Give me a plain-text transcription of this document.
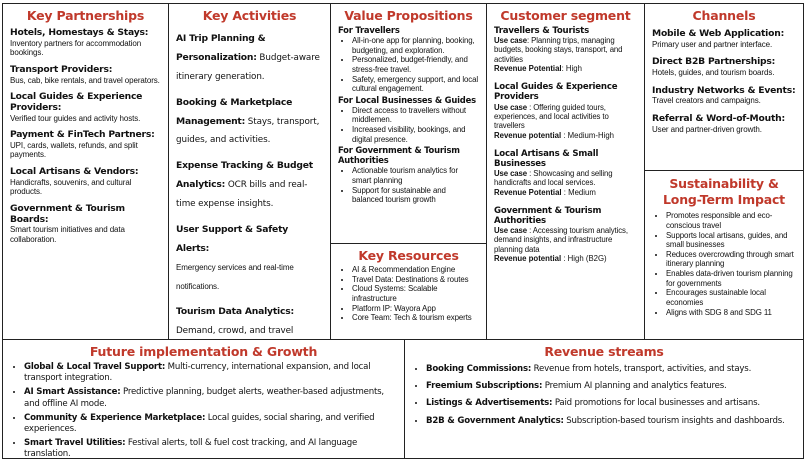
Key Partnerships
Hotels, Homestays & Stays:
Inventory partners for accommodation bookings.
Transport Providers:
Bus, cab, bike rentals, and travel operators.
Local Guides & Experience Providers:
Verified tour guides and activity hosts.
Payment & FinTech Partners:
UPI, cards, wallets, refunds, and split payments.
Local Artisans & Vendors:
Handicrafts, souvenirs, and cultural products.
Government & Tourism Boards:
Smart tourism initiatives and data collaboration.
Key Activities
AI Trip Planning & Personalization: Budget-aware itinerary generation.
Booking & Marketplace Management: Stays, transport, guides, and activities.
Expense Tracking & Budget Analytics: OCR bills and real-time expense insights.
User Support & Safety Alerts:
Emergency services and real-time notifications.
Tourism Data Analytics: Demand, crowd, and travel
Value Propositions
For Travellers
• All-in-one app for planning, booking, budgeting, and exploration.
• Personalized, budget-friendly, and stress-free travel.
• Safety, emergency support, and local cultural engagement.
For Local Businesses & Guides
• Direct access to travellers without middlemen.
• Increased visibility, bookings, and digital presence.
For Government & Tourism Authorities
• Actionable tourism analytics for smart planning
• Support for sustainable and balanced tourism growth
Key Resources
• AI & Recommendation Engine
• Travel Data: Destinations & routes
• Cloud Systems: Scalable infrastructure
• Platform IP: Wayora App
• Core Team: Tech & tourism experts
Customer segment
Travellers & Tourists
Use case: Planning trips, managing budgets, booking stays, transport, and activities
Revenue Potential: High
Local Guides & Experience Providers
Use case : Offering guided tours, experiences, and local activities to travellers
Revenue potential : Medium-High
Local Artisans & Small Businesses
Use case : Showcasing and selling handicrafts and local services.
Revenue Potential : Medium
Government & Tourism Authorities
Use case : Accessing tourism analytics, demand insights, and infrastructure planning data
Revenue potential : High (B2G)
Channels
Mobile & Web Application:
Primary user and partner interface.
Direct B2B Partnerships:
Hotels, guides, and tourism boards.
Industry Networks & Events:
Travel creators and campaigns.
Referral & Word-of-Mouth:
User and partner-driven growth.
Sustainability & Long-Term Impact
• Promotes responsible and eco-conscious travel
• Supports local artisans, guides, and small businesses
• Reduces overcrowding through smart itinerary planning
• Enables data-driven tourism planning for governments
• Encourages sustainable local economies
• Aligns with SDG 8 and SDG 11
Future implementation & Growth
• Global & Local Travel Support: Multi-currency, international expansion, and local transport integration.
• AI Smart Assistance: Predictive planning, budget alerts, weather-based adjustments, and offline AI mode.
• Community & Experience Marketplace: Local guides, social sharing, and verified experiences.
• Smart Travel Utilities: Festival alerts, toll & fuel cost tracking, and AI language translation.
Revenue streams
• Booking Commissions: Revenue from hotels, transport, activities, and stays.
• Freemium Subscriptions: Premium AI planning and analytics features.
• Listings & Advertisements: Paid promotions for local businesses and artisans.
• B2B & Government Analytics: Subscription-based tourism insights and dashboards.
